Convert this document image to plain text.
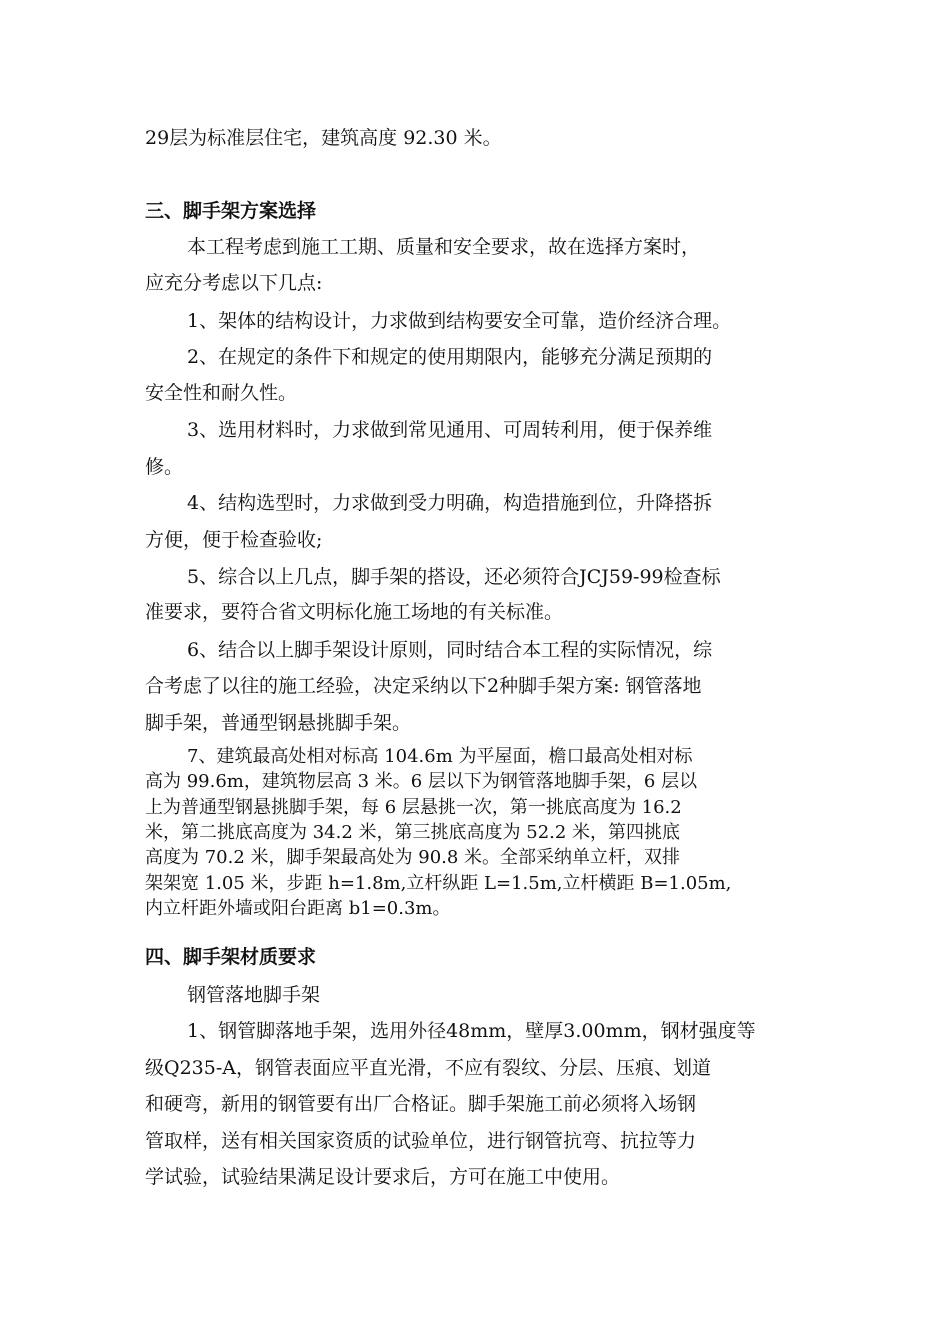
29层为标准层住宅，建筑高度 92.30 米。
三、脚手架方案选择
本工程考虑到施工工期、质量和安全要求，故在选择方案时，
应充分考虑以下几点:
1、架体的结构设计，力求做到结构要安全可靠，造价经济合理。
2、在规定的条件下和规定的使用期限内，能够充分满足预期的
安全性和耐久性。
3、选用材料时，力求做到常见通用、可周转利用，便于保养维
修。
4、结构选型时，力求做到受力明确，构造措施到位，升降搭拆
方便，便于检查验收;
5、综合以上几点，脚手架的搭设，还必须符合JCJ59-99检查标
准要求，要符合省文明标化施工场地的有关标准。
6、结合以上脚手架设计原则，同时结合本工程的实际情况，综
合考虑了以往的施工经验，决定采纳以下2种脚手架方案: 钢管落地
脚手架，普通型钢悬挑脚手架。
7、建筑最高处相对标高 104.6m 为平屋面，檐口最高处相对标
高为 99.6m，建筑物层高 3 米。6 层以下为钢管落地脚手架，6 层以
上为普通型钢悬挑脚手架，每 6 层悬挑一次，第一挑底高度为 16.2
米，第二挑底高度为 34.2 米，第三挑底高度为 52.2 米，第四挑底
高度为 70.2 米，脚手架最高处为 90.8 米。全部采纳单立杆，双排
架架宽 1.05 米，步距 h=1.8m,立杆纵距 L=1.5m,立杆横距 B=1.05m,
内立杆距外墙或阳台距离 b1=0.3m。
四、脚手架材质要求
钢管落地脚手架
1、钢管脚落地手架，选用外径48mm，壁厚3.00mm，钢材强度等
级Q235-A，钢管表面应平直光滑，不应有裂纹、分层、压痕、划道
和硬弯，新用的钢管要有出厂合格证。脚手架施工前必须将入场钢
管取样，送有相关国家资质的试验单位，进行钢管抗弯、抗拉等力
学试验，试验结果满足设计要求后，方可在施工中使用。
